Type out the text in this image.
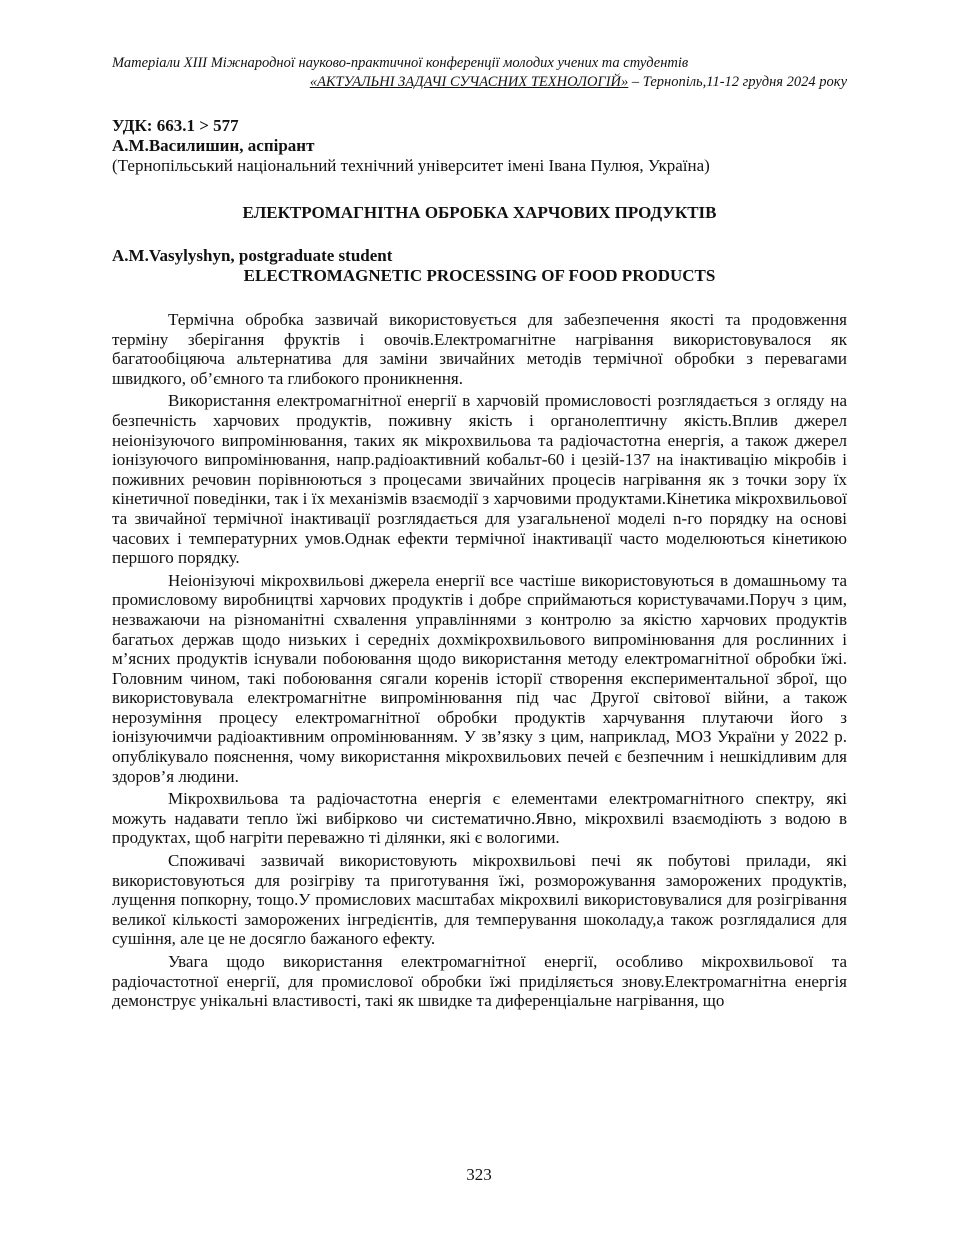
Матеріали XIII Міжнародної науково-практичної конференції молодих учених та студентів
«АКТУАЛЬНІ ЗАДАЧІ СУЧАСНИХ ТЕХНОЛОГІЙ» – Тернопіль,11-12 грудня 2024 року
УДК: 663.1 > 577
А.М.Василишин, аспірант
(Тернопільський національний технічний університет імені Івана Пулюя, Україна)
ЕЛЕКТРОМАГНІТНА ОБРОБКА ХАРЧОВИХ ПРОДУКТІВ
A.M.Vasylyshyn, postgraduate student
ELECTROMAGNETIC PROCESSING OF FOOD PRODUCTS

Термічна обробка зазвичай використовується для забезпечення якості та продовження терміну зберігання фруктів і овочів.Електромагнітне нагрівання використовувалося як багатообіцяюча альтернатива для заміни звичайних методів термічної обробки з перевагами швидкого, об’ємного та глибокого проникнення.

Використання електромагнітної енергії в харчовій промисловості розглядається з огляду на безпечність харчових продуктів, поживну якість і органолептичну якість.Вплив джерел неіонізуючого випромінювання, таких як мікрохвильова та радіочастотна енергія, а також джерел іонізуючого випромінювання, напр.радіоактивний кобальт-60 і цезій-137 на інактивацію мікробів і поживних речовин порівнюються з процесами звичайних процесів нагрівання як з точки зору їх кінетичної поведінки, так і їх механізмів взаємодії з харчовими продуктами.Кінетика мікрохвильової та звичайної термічної інактивації розглядається для узагальненої моделі n-го порядку на основі часових і температурних умов.Однак ефекти термічної інактивації часто моделюються кінетикою першого порядку.

Неіонізуючі мікрохвильові джерела енергії все частіше використовуються в домашньому та промисловому виробництві харчових продуктів і добре сприймаються користувачами.Поруч з цим, незважаючи на різноманітні схвалення управліннями з контролю за якістю харчових продуктів багатьох держав щодо низьких і середніх дохмікрохвильового випромінювання для рослинних і м’ясних продуктів існували побоювання щодо використання методу електромагнітної обробки їжі. Головним чином, такі побоювання сягали коренів історії створення експериментальної зброї, що використовувала електромагнітне випромінювання під час Другої світової війни, а також нерозуміння процесу електромагнітної обробки продуктів харчування плутаючи його з іонізуючимчи радіоактивним опромінюванням. У зв’язку з цим, наприклад, МОЗ України у 2022 р. опублікувало пояснення, чому використання мікрохвильових печей є безпечним і нешкідливим для здоров’я людини.

Мікрохвильова та радіочастотна енергія є елементами електромагнітного спектру, які можуть надавати тепло їжі вибірково чи систематично.Явно, мікрохвилі взаємодіють з водою в продуктах, щоб нагріти переважно ті ділянки, які є вологими.

Споживачі зазвичай використовують мікрохвильові печі як побутові прилади, які використовуються для розігріву та приготування їжі, розморожування заморожених продуктів, лущення попкорну, тощо.У промислових масштабах мікрохвилі використовувалися для розігрівання великої кількості заморожених інгредієнтів, для темперування шоколаду,а також розглядалися для сушіння, але це не досягло бажаного ефекту.

Увага щодо використання електромагнітної енергії, особливо мікрохвильової та радіочастотної енергії, для промислової обробки їжі приділяється знову.Електромагнітна енергія демонструє унікальні властивості, такі як швидке та диференціальне нагрівання, що

323
